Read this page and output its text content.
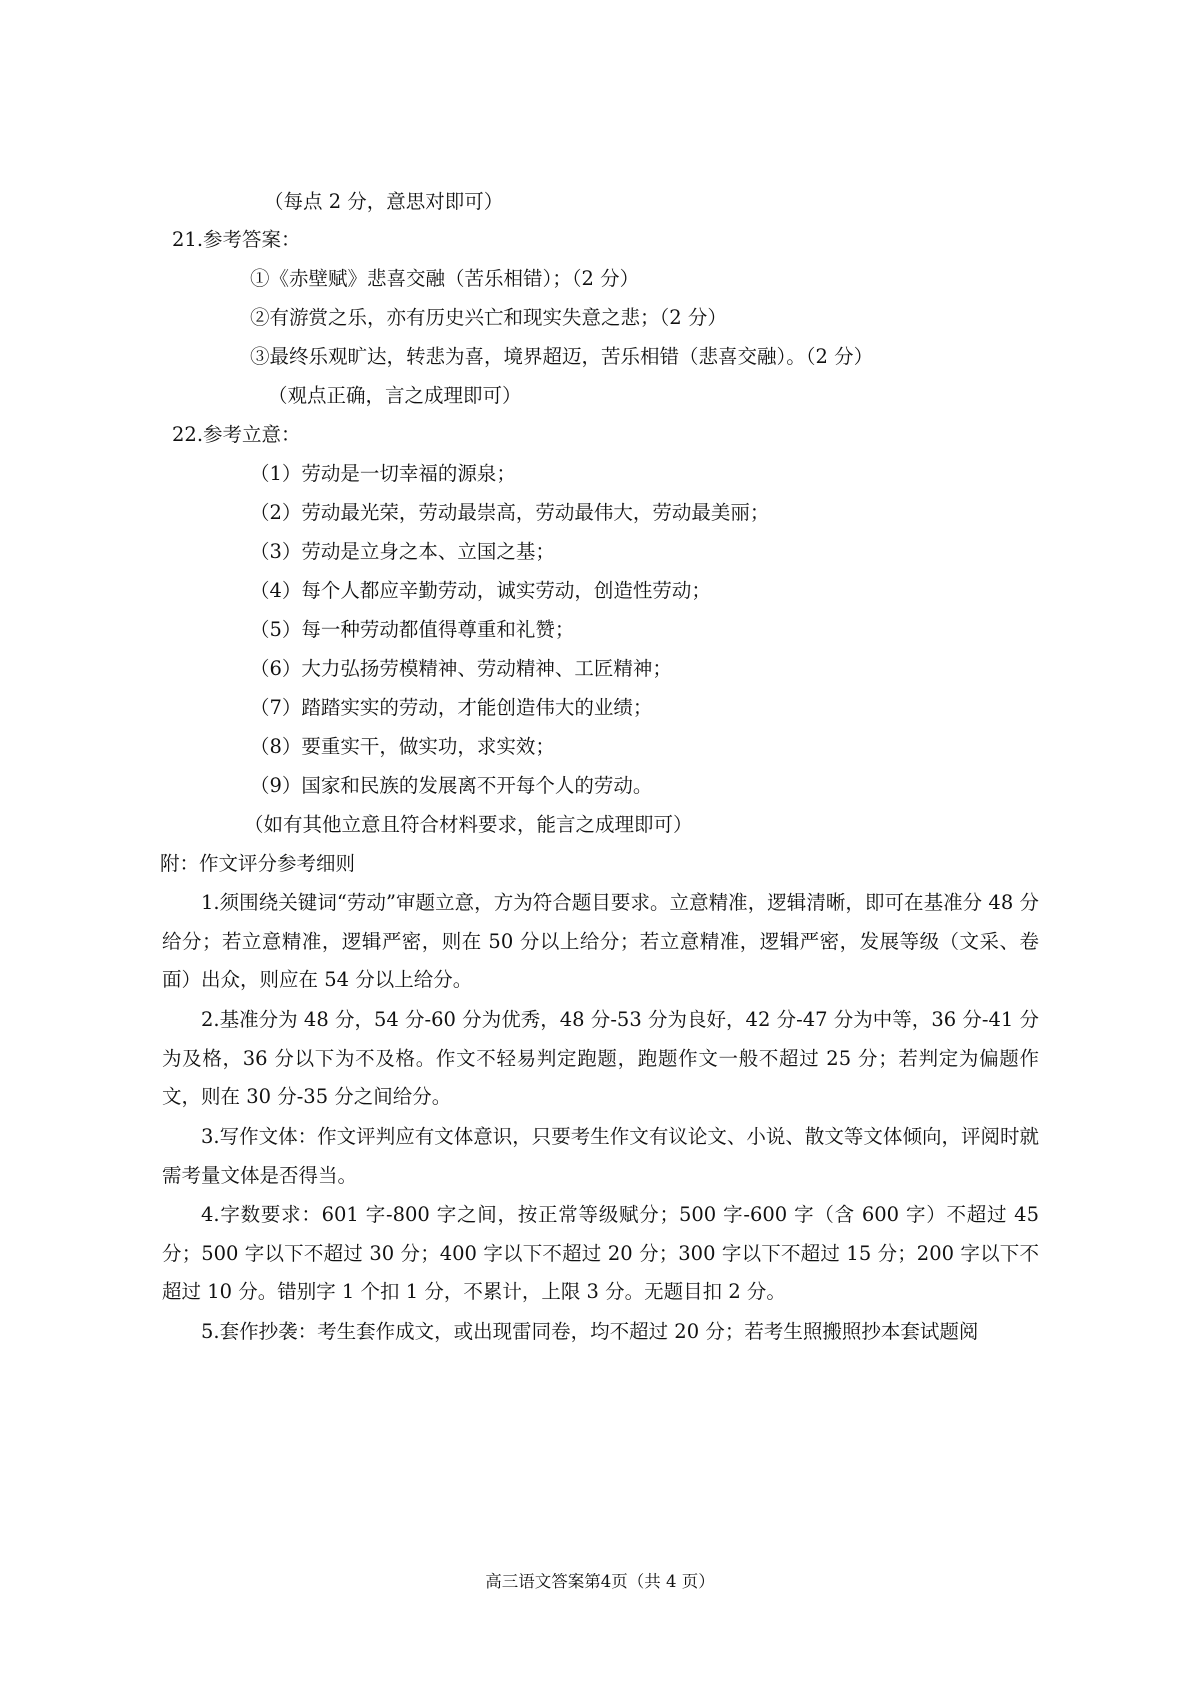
（每点 2 分，意思对即可）
21.参考答案：
①《赤壁赋》悲喜交融（苦乐相错）；（2 分）
②有游赏之乐，亦有历史兴亡和现实失意之悲；（2 分）
③最终乐观旷达，转悲为喜，境界超迈，苦乐相错（悲喜交融）。（2 分）
（观点正确，言之成理即可）
22.参考立意：
（1）劳动是一切幸福的源泉；
（2）劳动最光荣，劳动最崇高，劳动最伟大，劳动最美丽；
（3）劳动是立身之本、立国之基；
（4）每个人都应辛勤劳动，诚实劳动，创造性劳动；
（5）每一种劳动都值得尊重和礼赞；
（6）大力弘扬劳模精神、劳动精神、工匠精神；
（7）踏踏实实的劳动，才能创造伟大的业绩；
（8）要重实干，做实功，求实效；
（9）国家和民族的发展离不开每个人的劳动。
（如有其他立意且符合材料要求，能言之成理即可）
附：作文评分参考细则
1.须围绕关键词“劳动”审题立意，方为符合题目要求。立意精准，逻辑清晰，即可在基准分 48 分给分；若立意精准，逻辑严密，则在 50 分以上给分；若立意精准，逻辑严密，发展等级（文采、卷面）出众，则应在 54 分以上给分。
2.基准分为 48 分，54 分-60 分为优秀，48 分-53 分为良好，42 分-47 分为中等，36 分-41 分为及格，36 分以下为不及格。作文不轻易判定跑题，跑题作文一般不超过 25 分；若判定为偏题作文，则在 30 分-35 分之间给分。
3.写作文体：作文评判应有文体意识，只要考生作文有议论文、小说、散文等文体倾向，评阅时就需考量文体是否得当。
4.字数要求：601 字-800 字之间，按正常等级赋分；500 字-600 字（含 600 字）不超过 45 分；500 字以下不超过 30 分；400 字以下不超过 20 分；300 字以下不超过 15 分；200 字以下不超过 10 分。错别字 1 个扣 1 分，不累计，上限 3 分。无题目扣 2 分。
5.套作抄袭：考生套作成文，或出现雷同卷，均不超过 20 分；若考生照搬照抄本套试题阅
高三语文答案第4页（共 4 页）
